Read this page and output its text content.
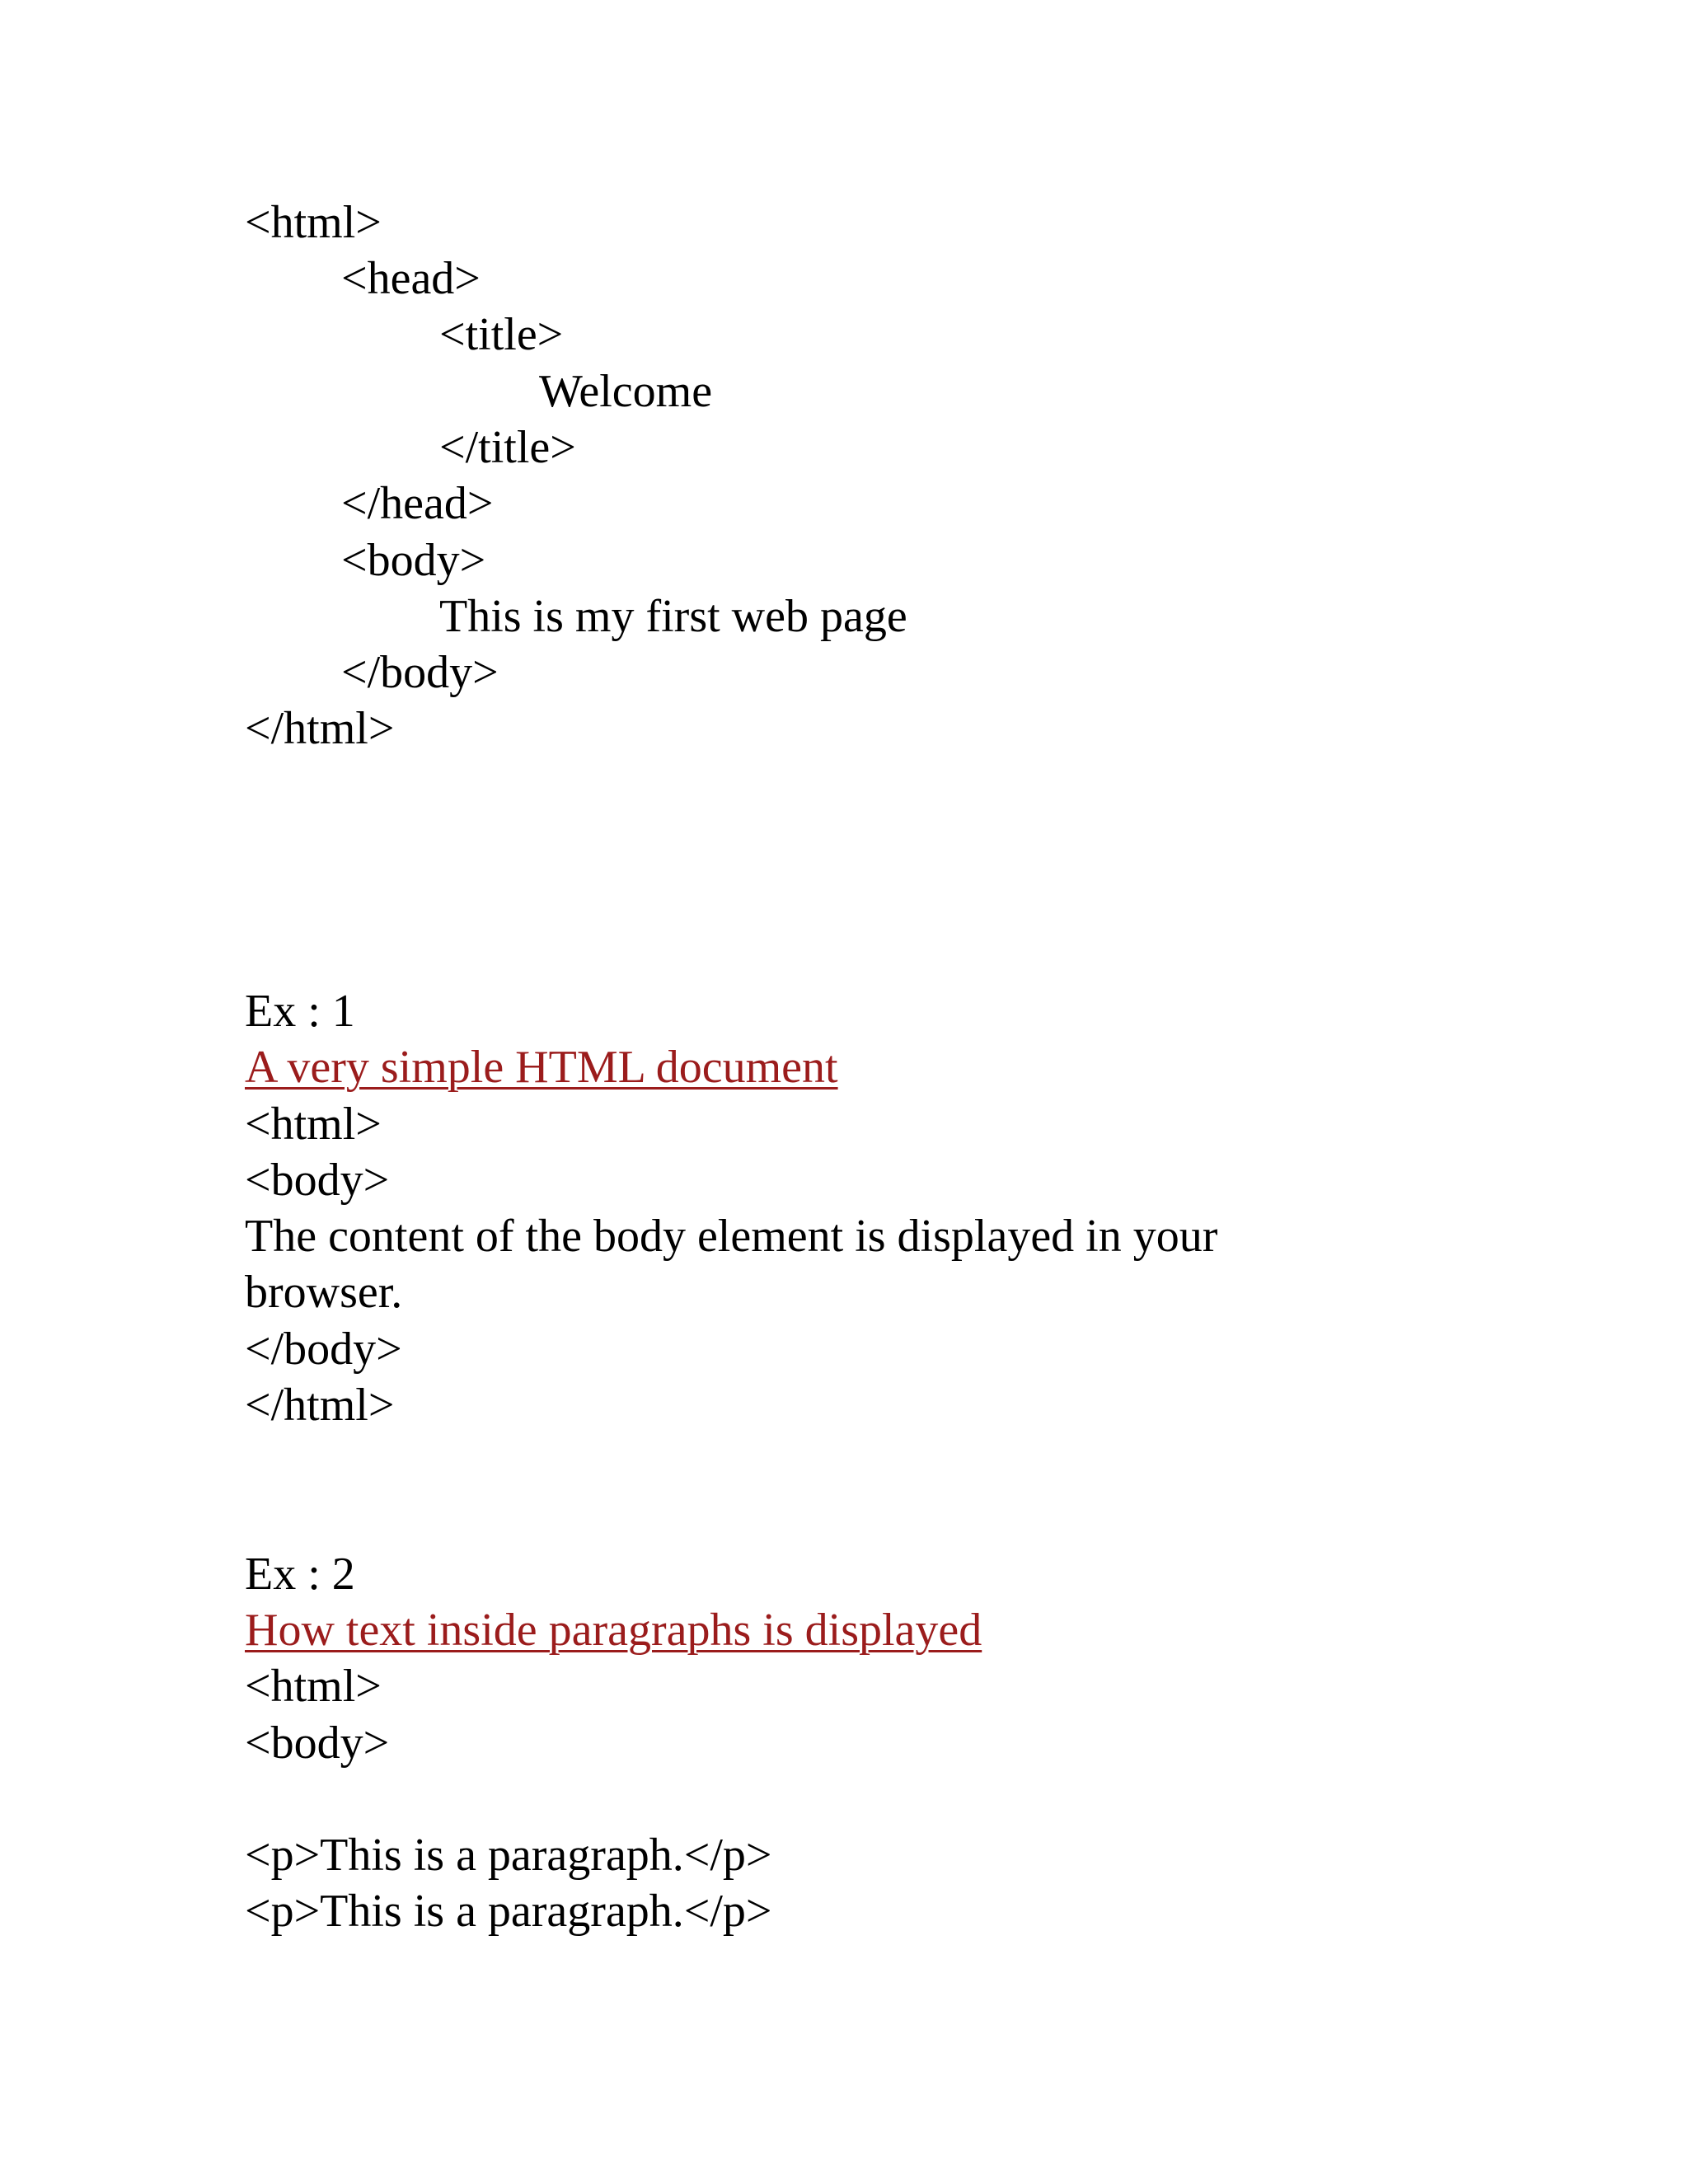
<html>
<head>
<title>
Welcome
</title>
</head>
<body>
This is my first web page
</body>
</html>
Ex : 1
A very simple HTML document
<html>
<body>
The content of the body element is displayed in your
browser.
</body>
</html>
Ex : 2
How text inside paragraphs is displayed
<html>
<body>
<p>This is a paragraph.</p>
<p>This is a paragraph.</p>
